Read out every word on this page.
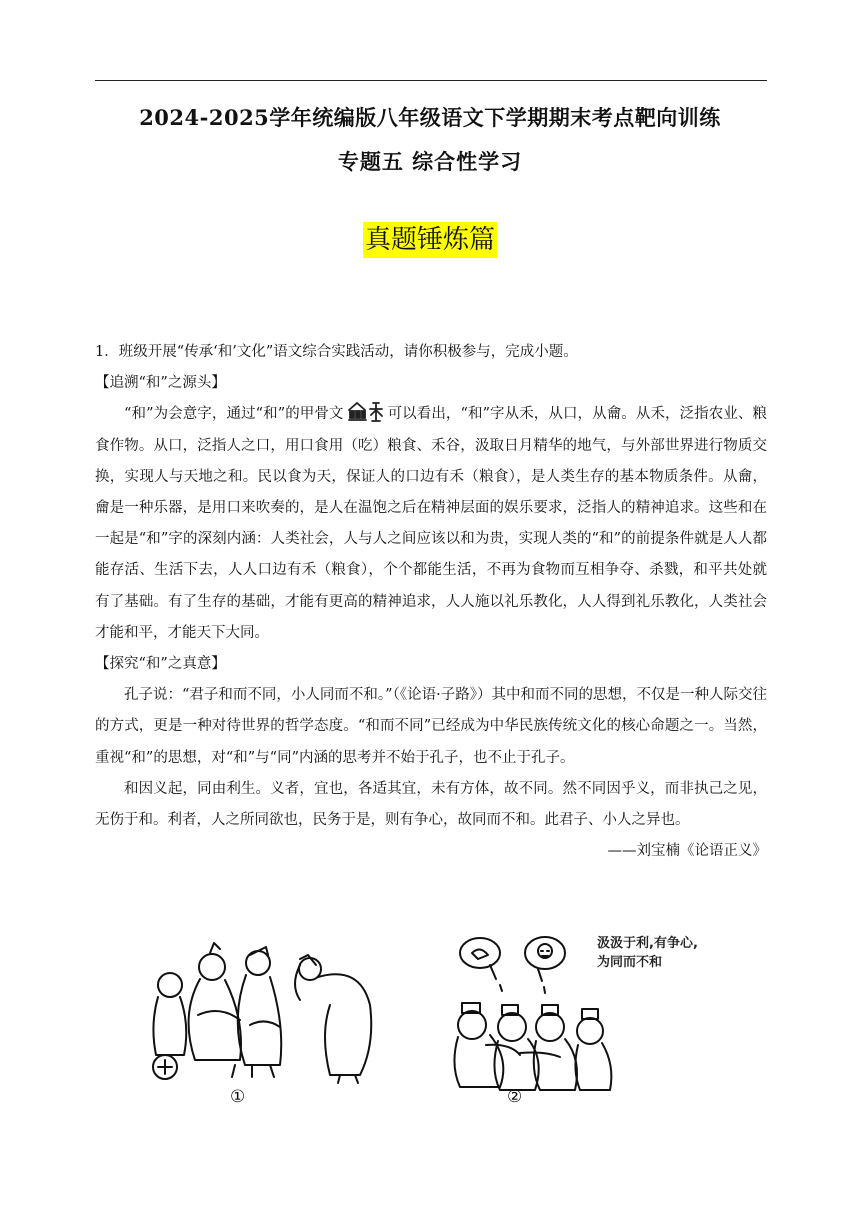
2024-2025学年统编版八年级语文下学期期末考点靶向训练
专题五 综合性学习
真题锤炼篇

1．班级开展“传承‘和’文化”语文综合实践活动，请你积极参与，完成小题。

【追溯“和”之源头】

“和”为会意字，通过“和”的甲骨文	可以看出，“和”字从禾，从口，从龠。从禾，泛指农业、粮食作物。从口，泛指人之口，用口食用（吃）粮食、禾谷，汲取日月精华的地气，与外部世界进行物质交换，实现人与天地之和。民以食为天，保证人的口边有禾（粮食），是人类生存的基本物质条件。从龠，龠是一种乐器，是用口来吹奏的，是人在温饱之后在精神层面的娱乐要求，泛指人的精神追求。这些和在一起是“和”字的深刻内涵：人类社会，人与人之间应该以和为贵，实现人类的“和”的前提条件就是人人都能存活、生活下去，人人口边有禾（粮食），个个都能生活，不再为食物而互相争夺、杀戮，和平共处就有了基础。有了生存的基础，才能有更高的精神追求，人人施以礼乐教化，人人得到礼乐教化，人类社会才能和平，才能天下大同。

【探究“和”之真意】

孔子说：“君子和而不同，小人同而不和。”（《论语·子路》）其中和而不同的思想，不仅是一种人际交往的方式，更是一种对待世界的哲学态度。“和而不同”已经成为中华民族传统文化的核心命题之一。当然，重视“和”的思想，对“和”与“同”内涵的思考并不始于孔子，也不止于孔子。

和因义起，同由利生。义者，宜也，各适其宜，未有方体，故不同。然不同因乎义，而非执己之见，无伤于和。利者，人之所同欲也，民务于是，则有争心，故同而不和。此君子、小人之异也。

——刘宝楠《论语正义》

汲汲于利,有争心,
为同而不和
①	②
